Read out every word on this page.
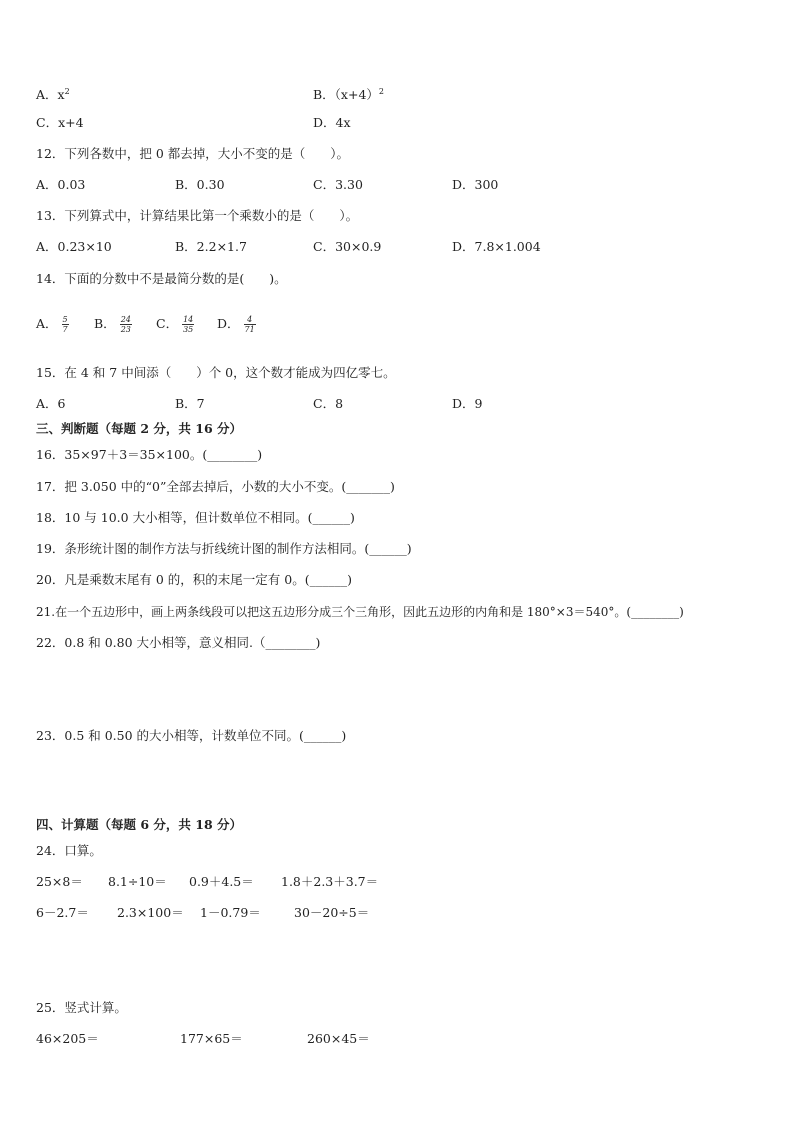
A．$x^2$	B．$(x+4)^2$
C．x+4	D．4x
12．下列各数中，把 0 都去掉，大小不变的是（　　）。
A．0.03	B．0.30	C．3.30	D．300
13．下列算式中，计算结果比第一个乘数小的是（　　）。
A．0.23×10	B．2.2×1.7	C．30×0.9	D．7.8×1.004
14．下面的分数中不是最简分数的是(　　)。
A． $\frac{5}{7}$ B． $\frac{24}{23}$ C． $\frac{14}{35}$ D． $\frac{4}{71}$
15．在 4 和 7 中间添（　　）个 0，这个数才能成为四亿零七。
A．6	B．7	C．8	D．9
三、判断题（每题 2 分，共 16 分）
16．35×97＋3＝35×100。(________)
17．把 3.050 中的“0”全部去掉后，小数的大小不变。(_______)
18．10 与 10.0 大小相等，但计数单位不相同。(______)
19．条形统计图的制作方法与折线统计图的制作方法相同。(______)
20．凡是乘数末尾有 0 的，积的末尾一定有 0。(______)
21.在一个五边形中，画上两条线段可以把这五边形分成三个三角形，因此五边形的内角和是 180°×3＝540°。(________)
22．0.8 和 0.80 大小相等，意义相同.（________)
23．0.5 和 0.50 的大小相等，计数单位不同。(______)
四、计算题（每题 6 分，共 18 分）
24．口算。
25×8＝ 8.1÷10＝ 0.9＋4.5＝ 1.8＋2.3＋3.7＝
6－2.7＝ 2.3×100＝ 1－0.79＝	30－20÷5＝
25．竖式计算。
46×205＝	177×65＝	260×45＝
